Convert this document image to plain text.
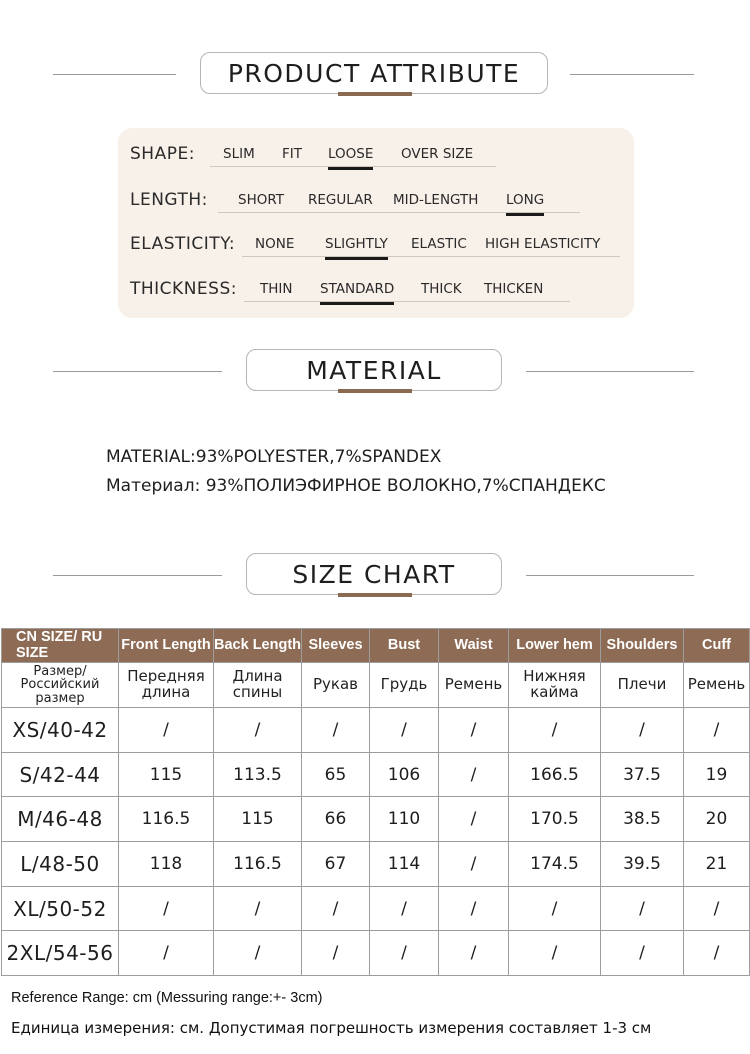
PRODUCT ATTRIBUTE
SHAPE: SLIM FIT LOOSE OVER SIZE
LENGTH: SHORT REGULAR MID-LENGTH LONG
ELASTICITY: NONE SLIGHTLY ELASTIC HIGH ELASTICITY
THICKNESS: THIN STANDARD THICK THICKEN
MATERIAL
MATERIAL:93%POLYESTER,7%SPANDEX
Материал: 93%ПОЛИЭФИРНОЕ ВОЛОКНО,7%СПАНДЕКС
SIZE CHART
CN SIZE/ RU SIZE	Front Length	Back Length	Sleeves	Bust	Waist	Lower hem	Shoulders	Cuff
Размер/ Российский размер	Передняя длина	Длина спины	Рукав	Грудь	Ремень	Нижняя кайма	Плечи	Ремень
XS/40-42	/	/	/	/	/	/	/	/
S/42-44	115	113.5	65	106	/	166.5	37.5	19
M/46-48	116.5	115	66	110	/	170.5	38.5	20
L/48-50	118	116.5	67	114	/	174.5	39.5	21
XL/50-52	/	/	/	/	/	/	/	/
2XL/54-56	/	/	/	/	/	/	/	/
Reference Range: cm (Messuring range:+- 3cm)
Единица измерения: см. Допустимая погрешность измерения составляет 1-3 см
